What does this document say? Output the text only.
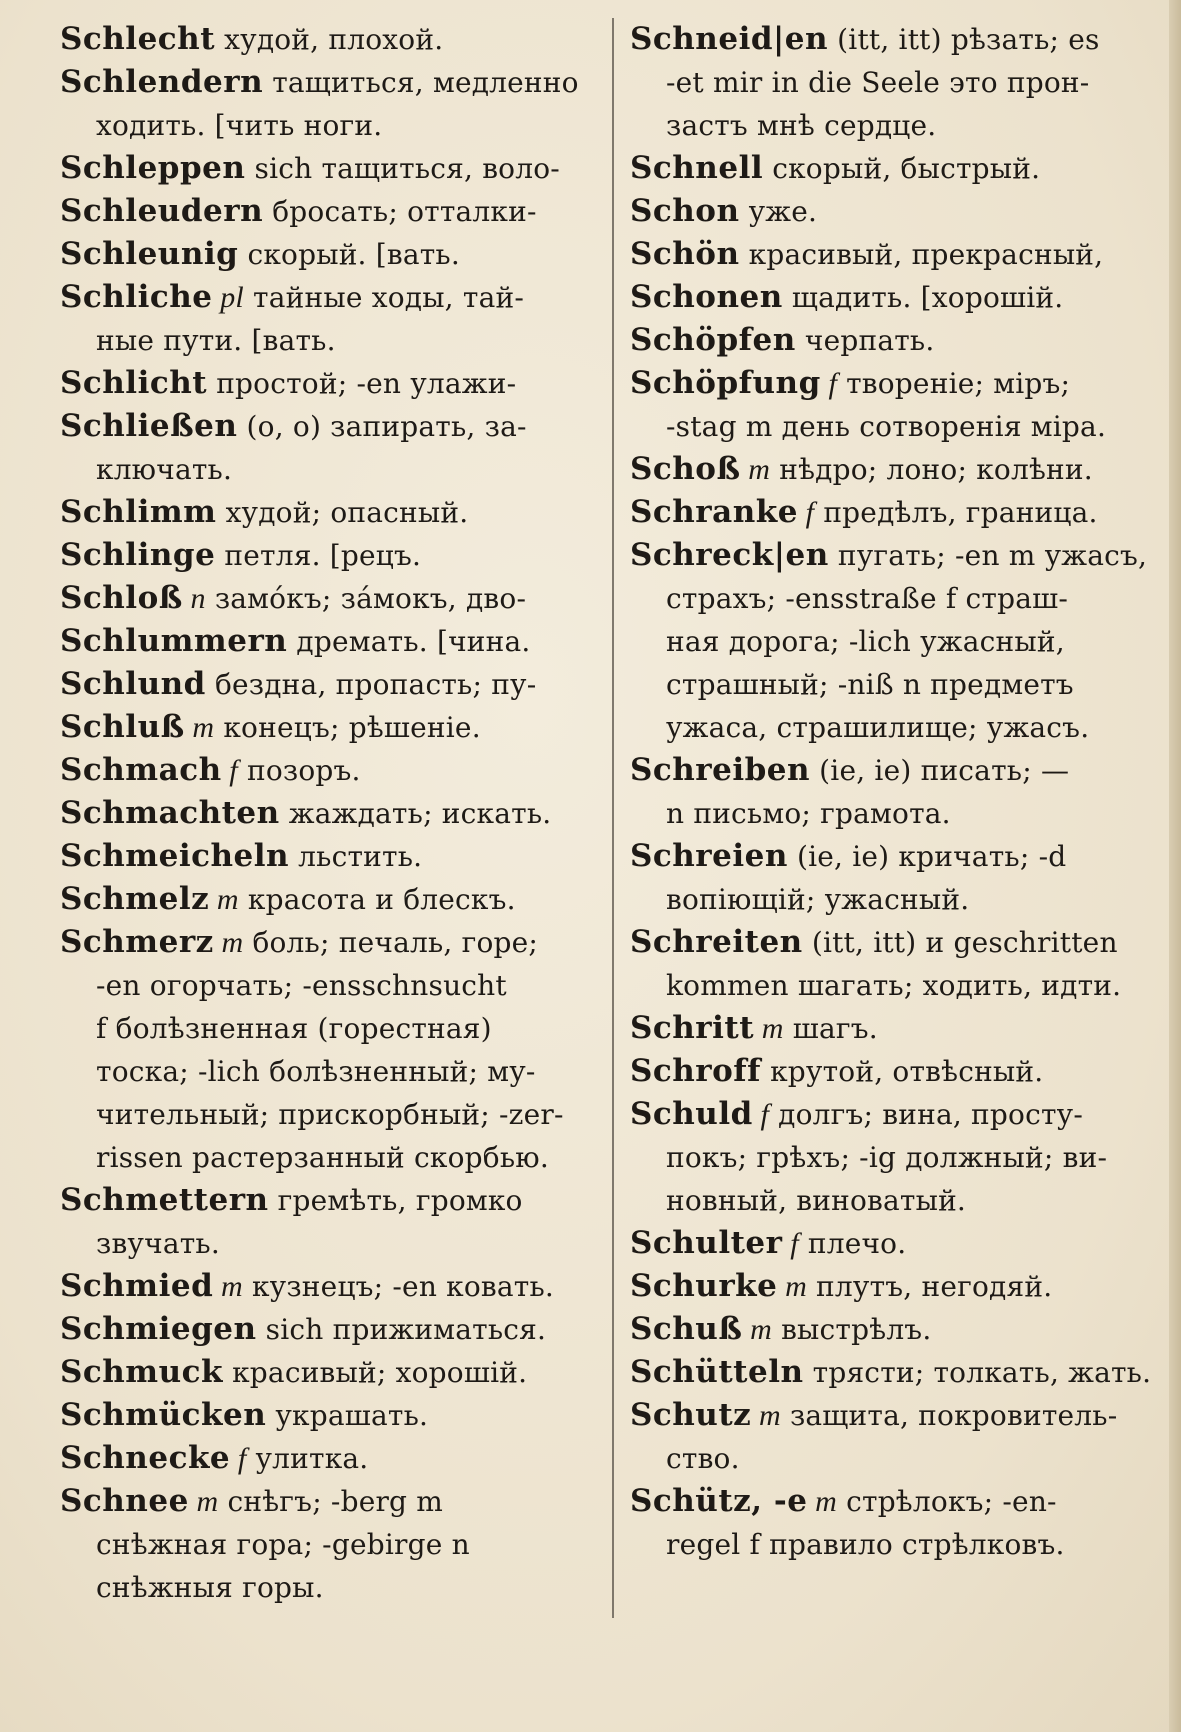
Schlecht худой, плохой.
Schlendern тащиться, медленно
ходить. [чить ноги.
Schleppen sich тащиться, воло-
Schleudern бросать; отталки-
Schleunig скорый. [вать.
Schliche pl тайные ходы, тай-
ные пути. [вать.
Schlicht простой; -en улажи-
Schließen (o, o) запирать, за-
ключать.
Schlimm худой; опасный.
Schlinge петля. [рецъ.
Schloß n замо́къ; за́мокъ, дво-
Schlummern дремать. [чина.
Schlund бездна, пропасть; пу-
Schluß m конецъ; рѣшеніе.
Schmach f позоръ.
Schmachten жаждать; искать.
Schmeicheln льстить.
Schmelz m красота и блескъ.
Schmerz m боль; печаль, горе;
-en огорчать; -ensschnsucht
f болѣзненная (горестная)
тоска; -lich болѣзненный; му-
чительный; прискорбный; -zer-
rissen растерзанный скорбью.
Schmettern гремѣть, громко
звучать.
Schmied m кузнецъ; -en ковать.
Schmiegen sich прижиматься.
Schmuck красивый; хорошій.
Schmücken украшать.
Schnecke f улитка.
Schnee m снѣгъ; -berg m
снѣжная гора; -gebirge n
снѣжныя горы.
Schneid|en (itt, itt) рѣзать; es
-et mir in die Seele это прон-
застъ мнѣ сердце.
Schnell скорый, быстрый.
Schon уже.
Schön красивый, прекрасный,
Schonen щадить. [хорошій.
Schöpfen черпать.
Schöpfung f твореніе; міръ;
-stag m день сотворенія міра.
Schoß m нѣдро; лоно; колѣни.
Schranke f предѣлъ, граница.
Schreck|en пугать; -en m ужасъ,
страхъ; -ensstraße f страш-
ная дорога; -lich ужасный,
страшный; -niß n предметъ
ужаса, страшилище; ужасъ.
Schreiben (ie, ie) писать; —
n письмо; грамота.
Schreien (ie, ie) кричать; -d
вопіющій; ужасный.
Schreiten (itt, itt) и geschritten
kommen шагать; ходить, идти.
Schritt m шагъ.
Schroff крутой, отвѣсный.
Schuld f долгъ; вина, просту-
покъ; грѣхъ; -ig должный; ви-
новный, виноватый.
Schulter f плечо.
Schurke m плутъ, негодяй.
Schuß m выстрѣлъ.
Schütteln трясти; толкать, жать.
Schutz m защита, покровитель-
ство.
Schütz, -e m стрѣлокъ; -en-
regel f правило стрѣлковъ.
